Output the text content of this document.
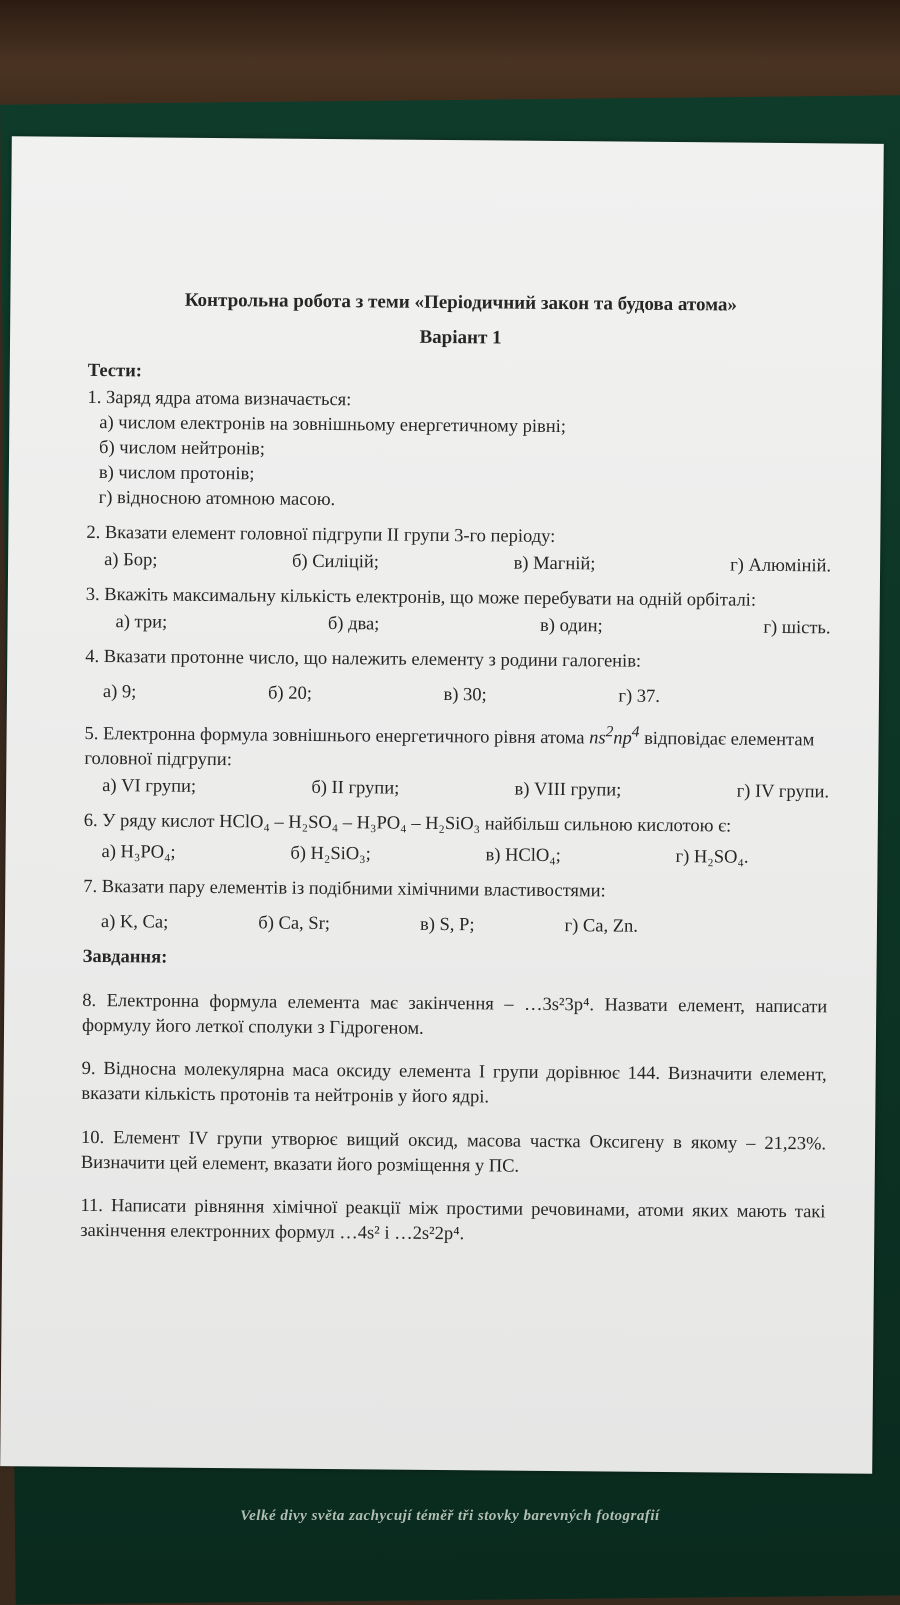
Velké divy světa zachycují téměř tři stovky barevných fotografií

Контрольна робота з теми «Періодичний закон та будова атома»

Варіант 1

Тести:

1. Заряд ядра атома визначається:

а) числом електронів на зовнішньому енергетичному рівні;

б) числом нейтронів;

в) числом протонів;

г) відносною атомною масою.

2. Вказати елемент головної підгрупи II групи 3-го періоду:

а) Бор;	б) Силіцій;	в) Магній;	г) Алюміній.

3. Вкажіть максимальну кількість електронів, що може перебувати на одній орбіталі:

а) три;	б) два;	в) один;	г) шість.

4. Вказати протонне число, що належить елементу з родини галогенів:

а) 9;	б) 20;	в) 30;	г) 37.

5. Електронна формула зовнішнього енергетичного рівня атома $ns^2np^4$ відповідає елементам головної підгрупи:

а) VI групи;	б) II групи;	в) VIII групи;	г) IV групи.

6. У ряду кислот HClO₄ – H₂SO₄ – H₃PO₄ – H₂SiO₃ найбільш сильною кислотою є:

а) H₃PO₄;	б) H₂SiO₃;	в) HClO₄;	г) H₂SO₄.

7. Вказати пару елементів із подібними хімічними властивостями:

а) K, Ca;	б) Ca, Sr;	в) S, P;	г) Ca, Zn.

Завдання:

8. Електронна формула елемента має закінчення – …3s²3p⁴. Назвати елемент, написати формулу його леткої сполуки з Гідрогеном.

9. Відносна молекулярна маса оксиду елемента I групи дорівнює 144. Визначити елемент, вказати кількість протонів та нейтронів у його ядрі.

10. Елемент IV групи утворює вищий оксид, масова частка Оксигену в якому – 21,23%. Визначити цей елемент, вказати його розміщення у ПС.

11. Написати рівняння хімічної реакції між простими речовинами, атоми яких мають такі закінчення електронних формул …4s² і …2s²2p⁴.
